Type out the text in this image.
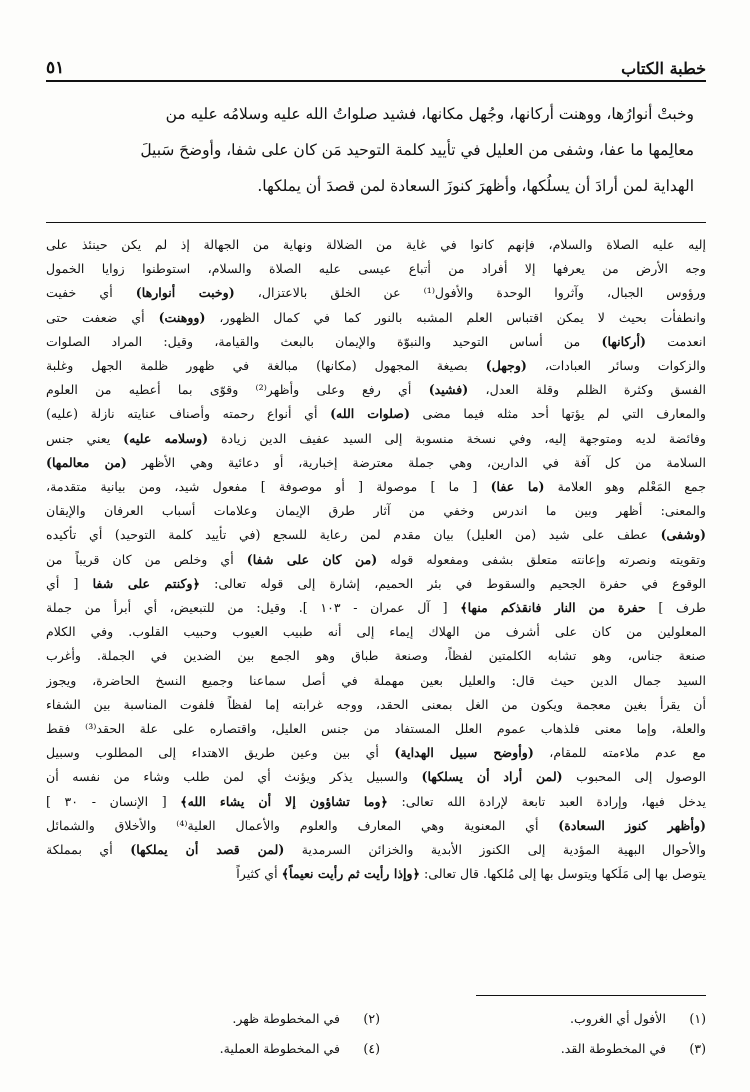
خطبة الكتاب
٥١

وخبتْ أنوارُها، ووهنت أركانها، وجُهل مكانها، فشيد صلواتُ الله عليه وسلامُه عليه من
معالِمها ما عفا، وشفى من العليل في تأييد كلمة التوحيد مَن كان على شفا، وأوضحَ سَبيلَ
الهداية لمن أرادَ أن يسلُكها، وأظهرَ كنوزَ السعادة لمن قصدَ أن يملكها.

إليه عليه الصلاة والسلام، فإنهم كانوا في غاية من الضلالة ونهاية من الجهالة إذ لم يكن حينئذ على
وجه الأرض من يعرفها إلا أفراد من أتباع عيسى عليه الصلاة والسلام، استوطنوا زوايا الخمول
ورؤوس الجبال، وآثروا الوحدة والأفول⁽¹⁾ عن الخلق بالاعتزال، (وخبت أنوارها) أي خفيت
وانطفأت بحيث لا يمكن اقتباس العلم المشبه بالنور كما في كمال الظهور، (ووهنت) أي ضعفت حتى
انعدمت (أركانها) من أساس التوحيد والنبوّة والإيمان بالبعث والقيامة، وقيل: المراد الصلوات
والزكوات وسائر العبادات، (وجهل) بصيغة المجهول (مكانها) مبالغة في ظهور ظلمة الجهل وغلبة
الفسق وكثرة الظلم وقلة العدل، (فشيد) أي رفع وعلى وأظهر⁽²⁾ وقوّى بما أعطيه من العلوم
والمعارف التي لم يؤتها أحد مثله فيما مضى (صلوات الله) أي أنواع رحمته وأصناف عنايته نازلة (عليه)
وفائضة لديه ومتوجهة إليه، وفي نسخة منسوبة إلى السيد عفيف الدين زيادة (وسلامه عليه) يعني جنس
السلامة من كل آفة في الدارين، وهي جملة معترضة إخبارية، أو دعائية وهي الأظهر (من معالمها)
جمع المَعْلم وهو العلامة (ما عفا) [ ما ] موصولة [ أو موصوفة ] مفعول شيد، ومن بيانية متقدمة،
والمعنى: أظهر وبين ما اندرس وخفي من آثار طرق الإيمان وعلامات أسباب العرفان والإيقان
(وشفى) عطف على شيد (من العليل) بيان مقدم لمن رعاية للسجع (في تأييد كلمة التوحيد) أي تأكيده
وتقويته ونصرته وإعانته متعلق بشفى ومفعوله قوله (من كان على شفا) أي وخلص من كان قريباً من
الوقوع في حفرة الجحيم والسقوط في بئر الحميم، إشارة إلى قوله تعالى: ﴿وكنتم على شفا [ أي
طرف ] حفرة من النار فانقذكم منها﴾ [ آل عمران - ١٠٣ ]. وقيل: من للتبعيض، أي أبرأ من جملة
المعلولين من كان على أشرف من الهلاك إيماء إلى أنه طبيب العيوب وحبيب القلوب. وفي الكلام
صنعة جناس، وهو تشابه الكلمتين لفظاً، وصنعة طباق وهو الجمع بين الضدين في الجملة. وأغرب
السيد جمال الدين حيث قال: والعليل بعين مهملة في أصل سماعنا وجميع النسخ الحاضرة، ويجوز
أن يقرأ بغين معجمة ويكون من الغل بمعنى الحقد، ووجه غرابته إما لفظاً فلفوت المناسبة بين الشفاء
والعلة، وإما معنى فلذهاب عموم العلل المستفاد من جنس العليل، واقتصاره على علة الحقد⁽³⁾ فقط
مع عدم ملاءمته للمقام، (وأوضح سبيل الهداية) أي بين وعين طريق الاهتداء إلى المطلوب وسبيل
الوصول إلى المحبوب (لمن أراد أن يسلكها) والسبيل يذكر ويؤنث أي لمن طلب وشاء من نفسه أن
يدخل فيها، وإرادة العبد تابعة لإرادة الله تعالى: ﴿وما تشاؤون إلا أن يشاء الله﴾ [ الإنسان - ٣٠ ]
(وأظهر كنوز السعادة) أي المعنوية وهي المعارف والعلوم والأعمال العلية⁽⁴⁾ والأخلاق والشمائل
والأحوال البهية المؤدية إلى الكنوز الأبدية والخزائن السرمدية (لمن قصد أن يملكها) أي بمملكة
يتوصل بها إلى مَلَكها ويتوسل بها إلى مُلكها. قال تعالى: ﴿وإذا رأيت ثم رأيت نعيماً﴾ أي كثيراً
(١) الأفول أي الغروب.
(٢) في المخطوطة ظهر.
(٣) في المخطوطة القد.
(٤) في المخطوطة العملية.
